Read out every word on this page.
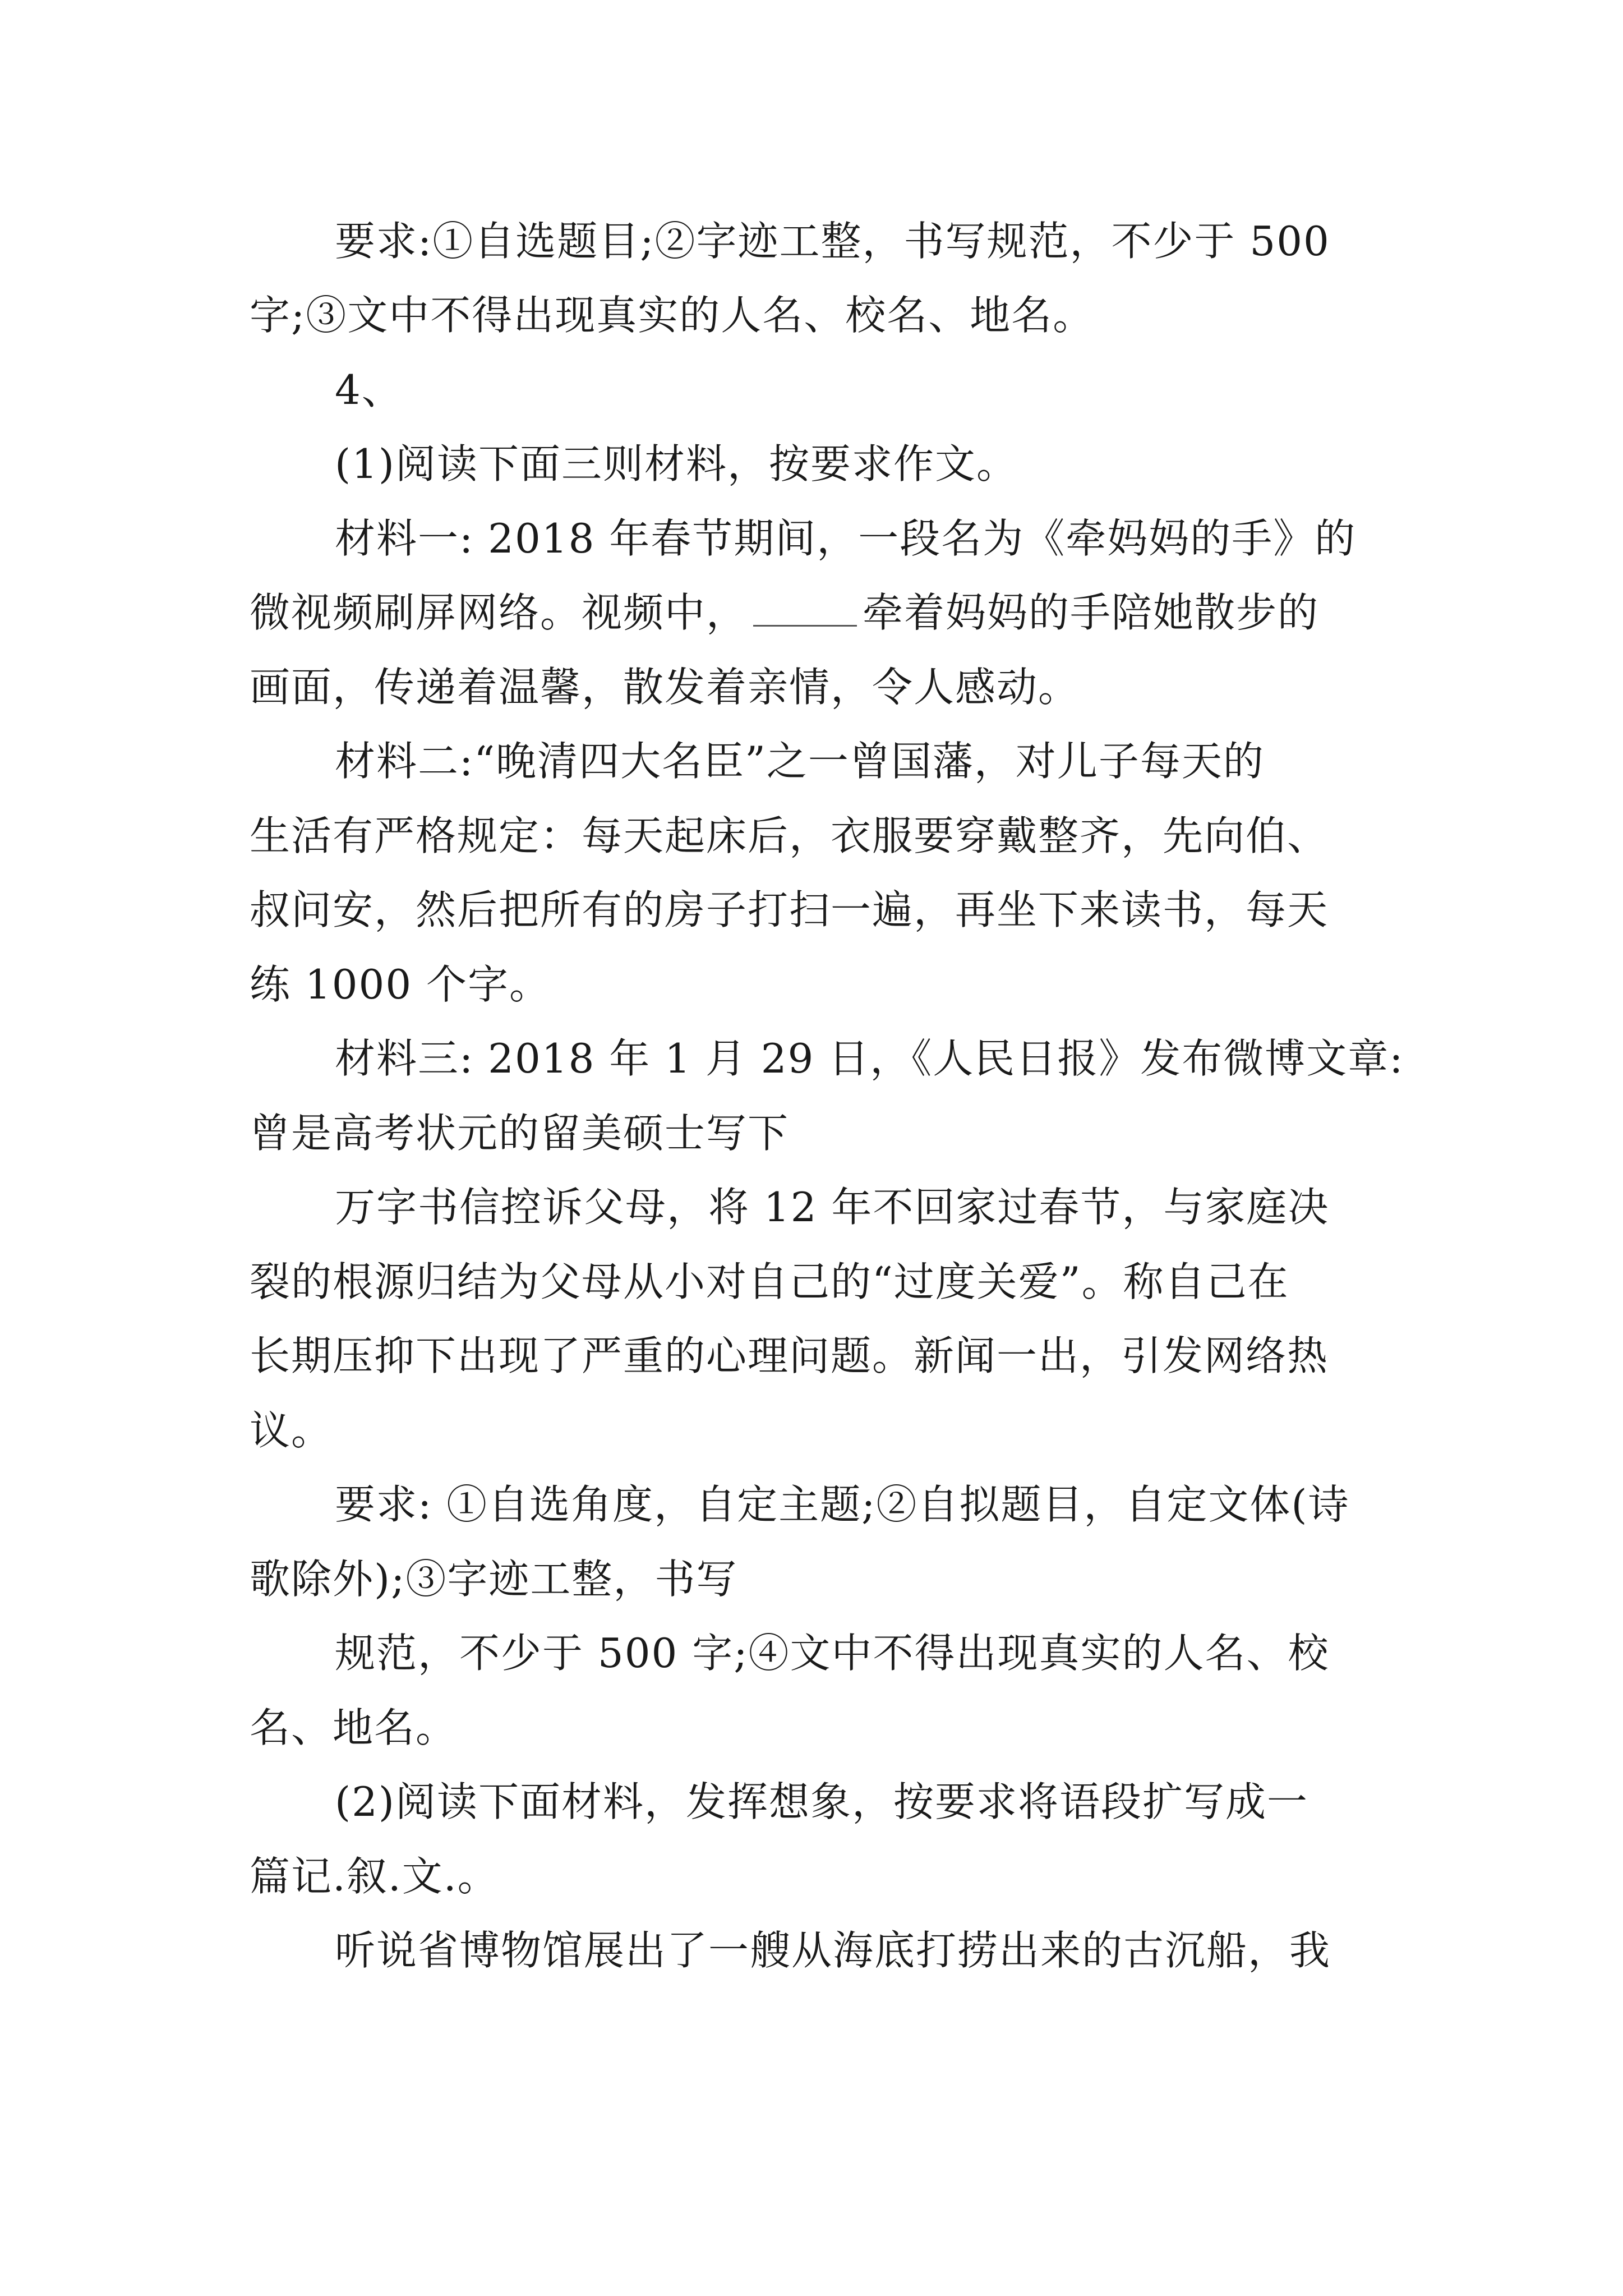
要求:①自选题目;②字迹工整，书写规范，不少于 500
字;③文中不得出现真实的人名、校名、地名。
4、
(1)阅读下面三则材料，按要求作文。
材料一: 2018 年春节期间，一段名为《牵妈妈的手》的
微视频刷屏网络。视频中，	牵着妈妈的手陪她散步的
画面，传递着温馨，散发着亲情，令人感动。
材料二:“晚清四大名臣”之一曾国藩，对儿子每天的
生活有严格规定：每天起床后，衣服要穿戴整齐，先向伯、
叔问安，然后把所有的房子打扫一遍，再坐下来读书，每天
练 1000 个字。
材料三: 2018 年 1 月 29 日，《人民日报》发布微博文章:
曾是高考状元的留美硕士写下
万字书信控诉父母，将 12 年不回家过春节，与家庭决
裂的根源归结为父母从小对自己的“过度关爱”。称自己在
长期压抑下出现了严重的心理问题。新闻一出，引发网络热
议。
要求: ①自选角度，自定主题;②自拟题目，自定文体(诗
歌除外);③字迹工整，书写
规范，不少于 500 字;④文中不得出现真实的人名、校
名、地名。
(2)阅读下面材料，发挥想象，按要求将语段扩写成一
篇记.叙.文.。
听说省博物馆展出了一艘从海底打捞出来的古沉船，我
